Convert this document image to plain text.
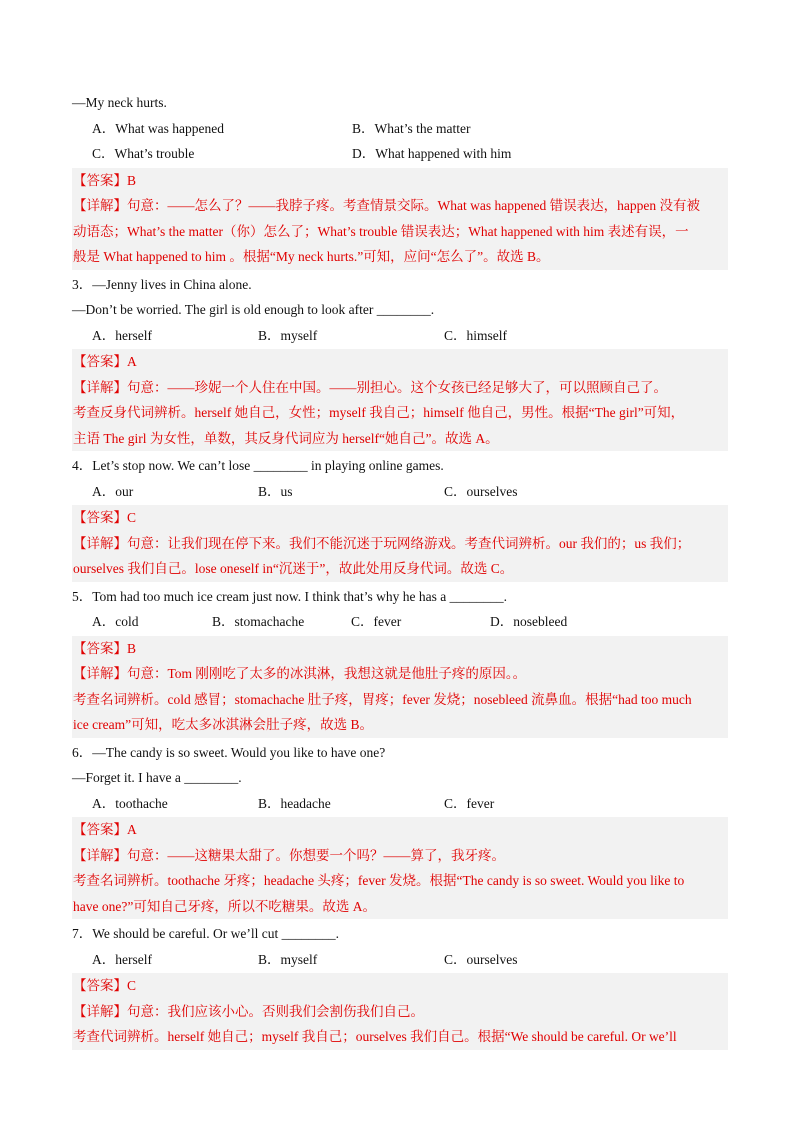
—My neck hurts.
A．What was happened	B．What’s the matter
C．What’s trouble	D．What happened with him
【答案】B
【详解】句意：——怎么了？——我脖子疼。考查情景交际。What was happened 错误表达，happen 没有被
动语态；What’s the matter（你）怎么了；What’s trouble 错误表达；What happened with him 表述有误，一
般是 What happened to him 。根据“My neck hurts.”可知，应问“怎么了”。故选 B。
3．—Jenny lives in China alone.
—Don’t be worried. The girl is old enough to look after ________.
A．herself	B．myself	C．himself
【答案】A
【详解】句意：——珍妮一个人住在中国。——别担心。这个女孩已经足够大了，可以照顾自己了。
考查反身代词辨析。herself 她自己，女性；myself 我自己；himself 他自己，男性。根据“The girl”可知，
主语 The girl 为女性，单数，其反身代词应为 herself“她自己”。故选 A。
4．Let’s stop now. We can’t lose ________ in playing online games.
A．our	B．us	C．ourselves
【答案】C
【详解】句意：让我们现在停下来。我们不能沉迷于玩网络游戏。考查代词辨析。our 我们的；us 我们；
ourselves 我们自己。lose oneself in“沉迷于”，故此处用反身代词。故选 C。
5．Tom had too much ice cream just now. I think that’s why he has a ________.
A．cold	B．stomachache	C．fever	D．nosebleed
【答案】B
【详解】句意：Tom 刚刚吃了太多的冰淇淋，我想这就是他肚子疼的原因。。
考查名词辨析。cold 感冒；stomachache 肚子疼，胃疼；fever 发烧；nosebleed 流鼻血。根据“had too much
ice cream”可知，吃太多冰淇淋会肚子疼，故选 B。
6．—The candy is so sweet. Would you like to have one?
—Forget it. I have a ________.
A．toothache	B．headache	C．fever
【答案】A
【详解】句意：——这糖果太甜了。你想要一个吗？——算了，我牙疼。
考查名词辨析。toothache 牙疼；headache 头疼；fever 发烧。根据“The candy is so sweet. Would you like to
have one?”可知自己牙疼，所以不吃糖果。故选 A。
7．We should be careful. Or we’ll cut ________.
A．herself	B．myself	C．ourselves
【答案】C
【详解】句意：我们应该小心。否则我们会割伤我们自己。
考查代词辨析。herself 她自己；myself 我自己；ourselves 我们自己。根据“We should be careful. Or we’ll
